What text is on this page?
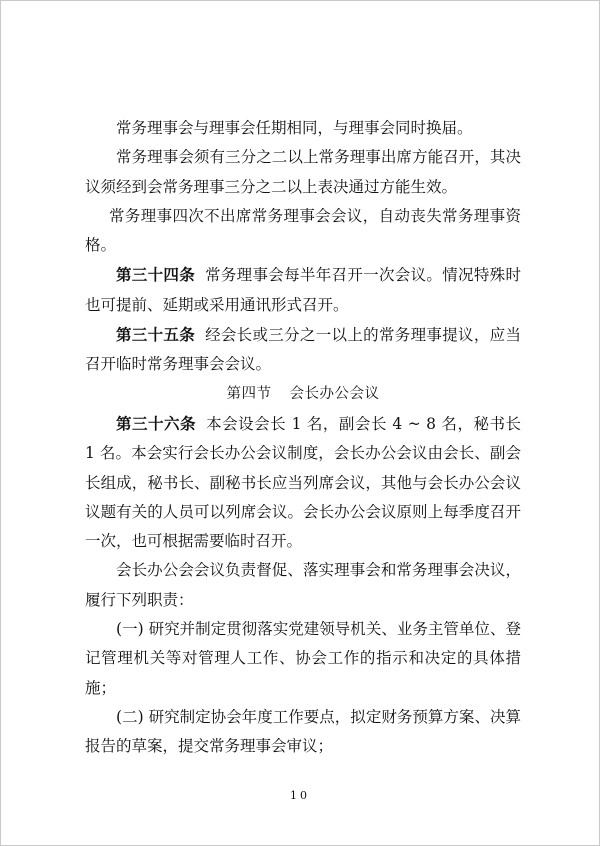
常务理事会与理事会任期相同，与理事会同时换届。
常务理事会须有三分之二以上常务理事出席方能召开，其决议须经到会常务理事三分之二以上表决通过方能生效。
常务理事四次不出席常务理事会会议，自动丧失常务理事资格。
第三十四条 常务理事会每半年召开一次会议。情况特殊时也可提前、延期或采用通讯形式召开。
第三十五条 经会长或三分之一以上的常务理事提议，应当召开临时常务理事会会议。
第四节 会长办公会议
第三十六条 本会设会长 1 名，副会长 4 ~ 8 名，秘书长 1 名。本会实行会长办公会议制度，会长办公会议由会长、副会长组成，秘书长、副秘书长应当列席会议，其他与会长办公会议议题有关的人员可以列席会议。会长办公会议原则上每季度召开一次，也可根据需要临时召开。
会长办公会会议负责督促、落实理事会和常务理事会决议，履行下列职责：
(一) 研究并制定贯彻落实党建领导机关、业务主管单位、登记管理机关等对管理人工作、协会工作的指示和决定的具体措施；
(二) 研究制定协会年度工作要点，拟定财务预算方案、决算报告的草案，提交常务理事会审议；
10
